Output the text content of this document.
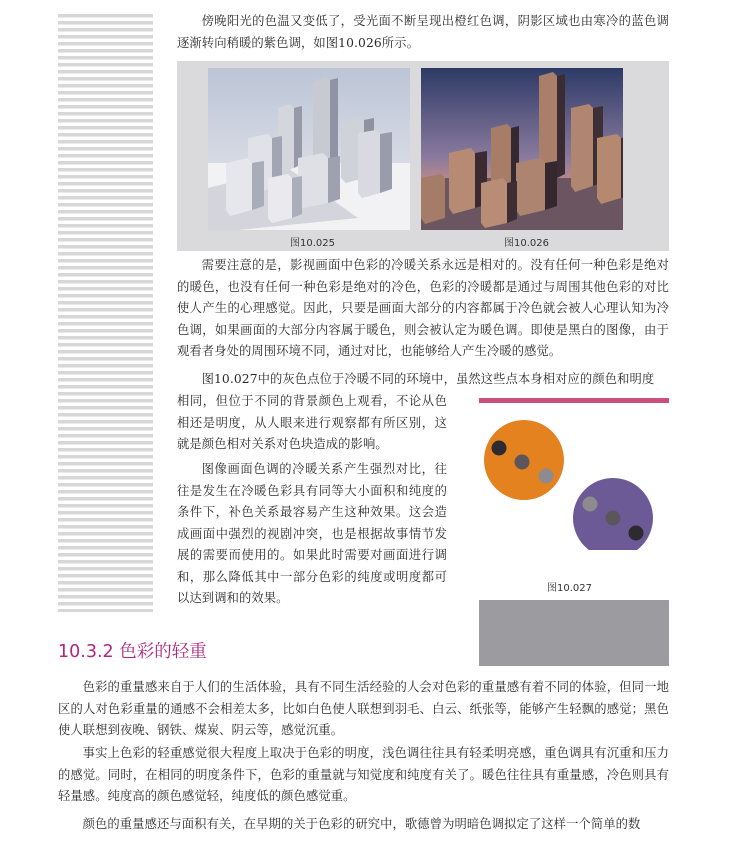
傍晚阳光的色温又变低了，受光面不断呈现出橙红色调，阴影区域也由寒冷的蓝色调逐渐转向稍暖的紫色调，如图10.026所示。

图10.025	图10.026

需要注意的是，影视画面中色彩的冷暖关系永远是相对的。没有任何一种色彩是绝对的暖色，也没有任何一种色彩是绝对的冷色，色彩的冷暖都是通过与周围其他色彩的对比使人产生的心理感觉。因此，只要是画面大部分的内容都属于冷色就会被人心理认知为冷色调，如果画面的大部分内容属于暖色，则会被认定为暖色调。即使是黑白的图像，由于观看者身处的周围环境不同，通过对比，也能够给人产生冷暖的感觉。

图10.027中的灰色点位于冷暖不同的环境中，虽然这些点本身相对应的颜色和明度

相同，但位于不同的背景颜色上观看，不论从色相还是明度，从人眼来进行观察都有所区别，这就是颜色相对关系对色块造成的影响。

图像画面色调的冷暖关系产生强烈对比，往往是发生在冷暖色彩具有同等大小面积和纯度的条件下，补色关系最容易产生这种效果。这会造成画面中强烈的视剧冲突，也是根据故事情节发展的需要而使用的。如果此时需要对画面进行调和，那么降低其中一部分色彩的纯度或明度都可以达到调和的效果。

图10.027
10.3.2 色彩的轻重

色彩的重量感来自于人们的生活体验，具有不同生活经验的人会对色彩的重量感有着不同的体验，但同一地区的人对色彩重量的通感不会相差太多，比如白色使人联想到羽毛、白云、纸张等，能够产生轻飘的感觉；黑色使人联想到夜晚、钢铁、煤炭、阴云等，感觉沉重。

事实上色彩的轻重感觉很大程度上取决于色彩的明度，浅色调往往具有轻柔明亮感，重色调具有沉重和压力的感觉。同时，在相同的明度条件下，色彩的重量就与知觉度和纯度有关了。暖色往往具有重量感，冷色则具有轻量感。纯度高的颜色感觉轻，纯度低的颜色感觉重。

颜色的重量感还与面积有关，在早期的关于色彩的研究中，歌德曾为明暗色调拟定了这样一个简单的数
